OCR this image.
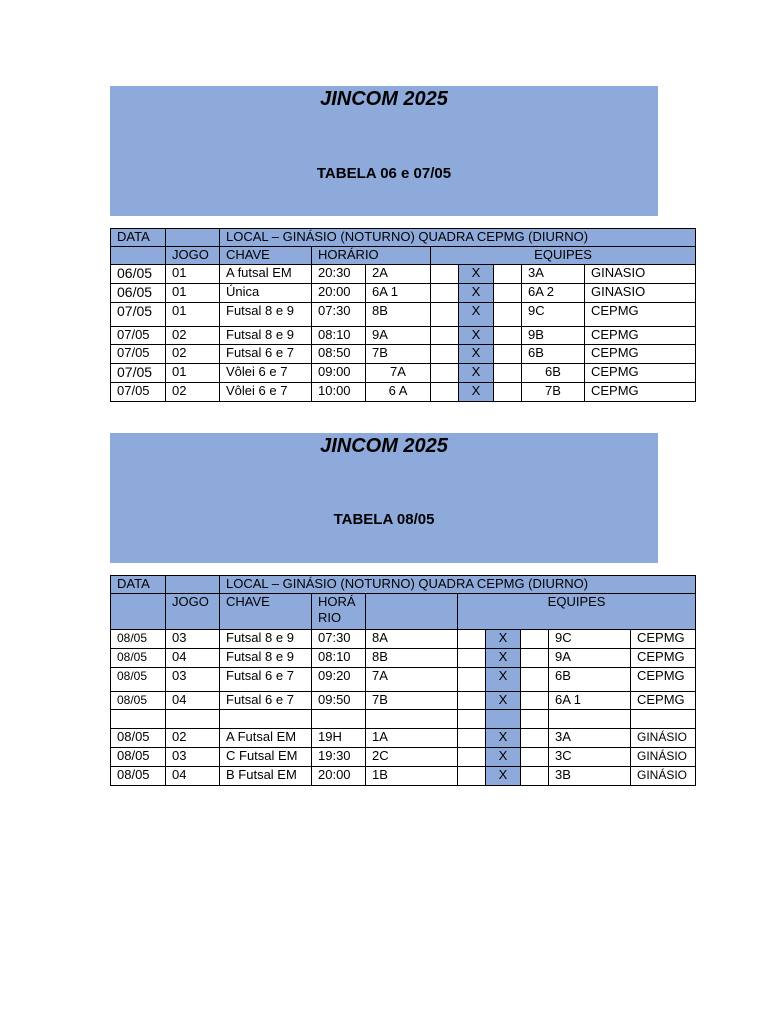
JINCOM 2025
TABELA 06 e 07/05
DATA		LOCAL – GINÁSIO (NOTURNO) QUADRA CEPMG (DIURNO)							
	JOGO	CHAVE	HORÁRIO		EQUIPES				
06/05	01	A futsal EM	20:30	2A		X		3A	GINASIO
06/05	01	Única	20:00	6A 1		X		6A 2	GINASIO
07/05	01	Futsal 8 e 9	07:30	8B		X		9C	CEPMG
07/05	02	Futsal 8 e 9	08:10	9A		X		9B	CEPMG
07/05	02	Futsal 6 e 7	08:50	7B		X		6B	CEPMG
07/05	01	Vôlei 6 e 7	09:00	7A		X		6B	CEPMG
07/05	02	Vôlei 6 e 7	10:00	6 A		X		7B	CEPMG
JINCOM 2025
TABELA 08/05
DATA		LOCAL – GINÁSIO (NOTURNO) QUADRA CEPMG (DIURNO)							
	JOGO	CHAVE	HORÁ RIO		EQUIPES				
08/05	03	Futsal 8 e 9	07:30	8A		X		9C	CEPMG
08/05	04	Futsal 8 e 9	08:10	8B		X		9A	CEPMG
08/05	03	Futsal 6 e 7	09:20	7A		X		6B	CEPMG
08/05	04	Futsal 6 e 7	09:50	7B		X		6A 1	CEPMG

08/05	02	A Futsal EM	19H	1A		X		3A	GINÁSIO
08/05	03	C Futsal EM	19:30	2C		X		3C	GINÁSIO
08/05	04	B Futsal EM	20:00	1B		X		3B	GINÁSIO
